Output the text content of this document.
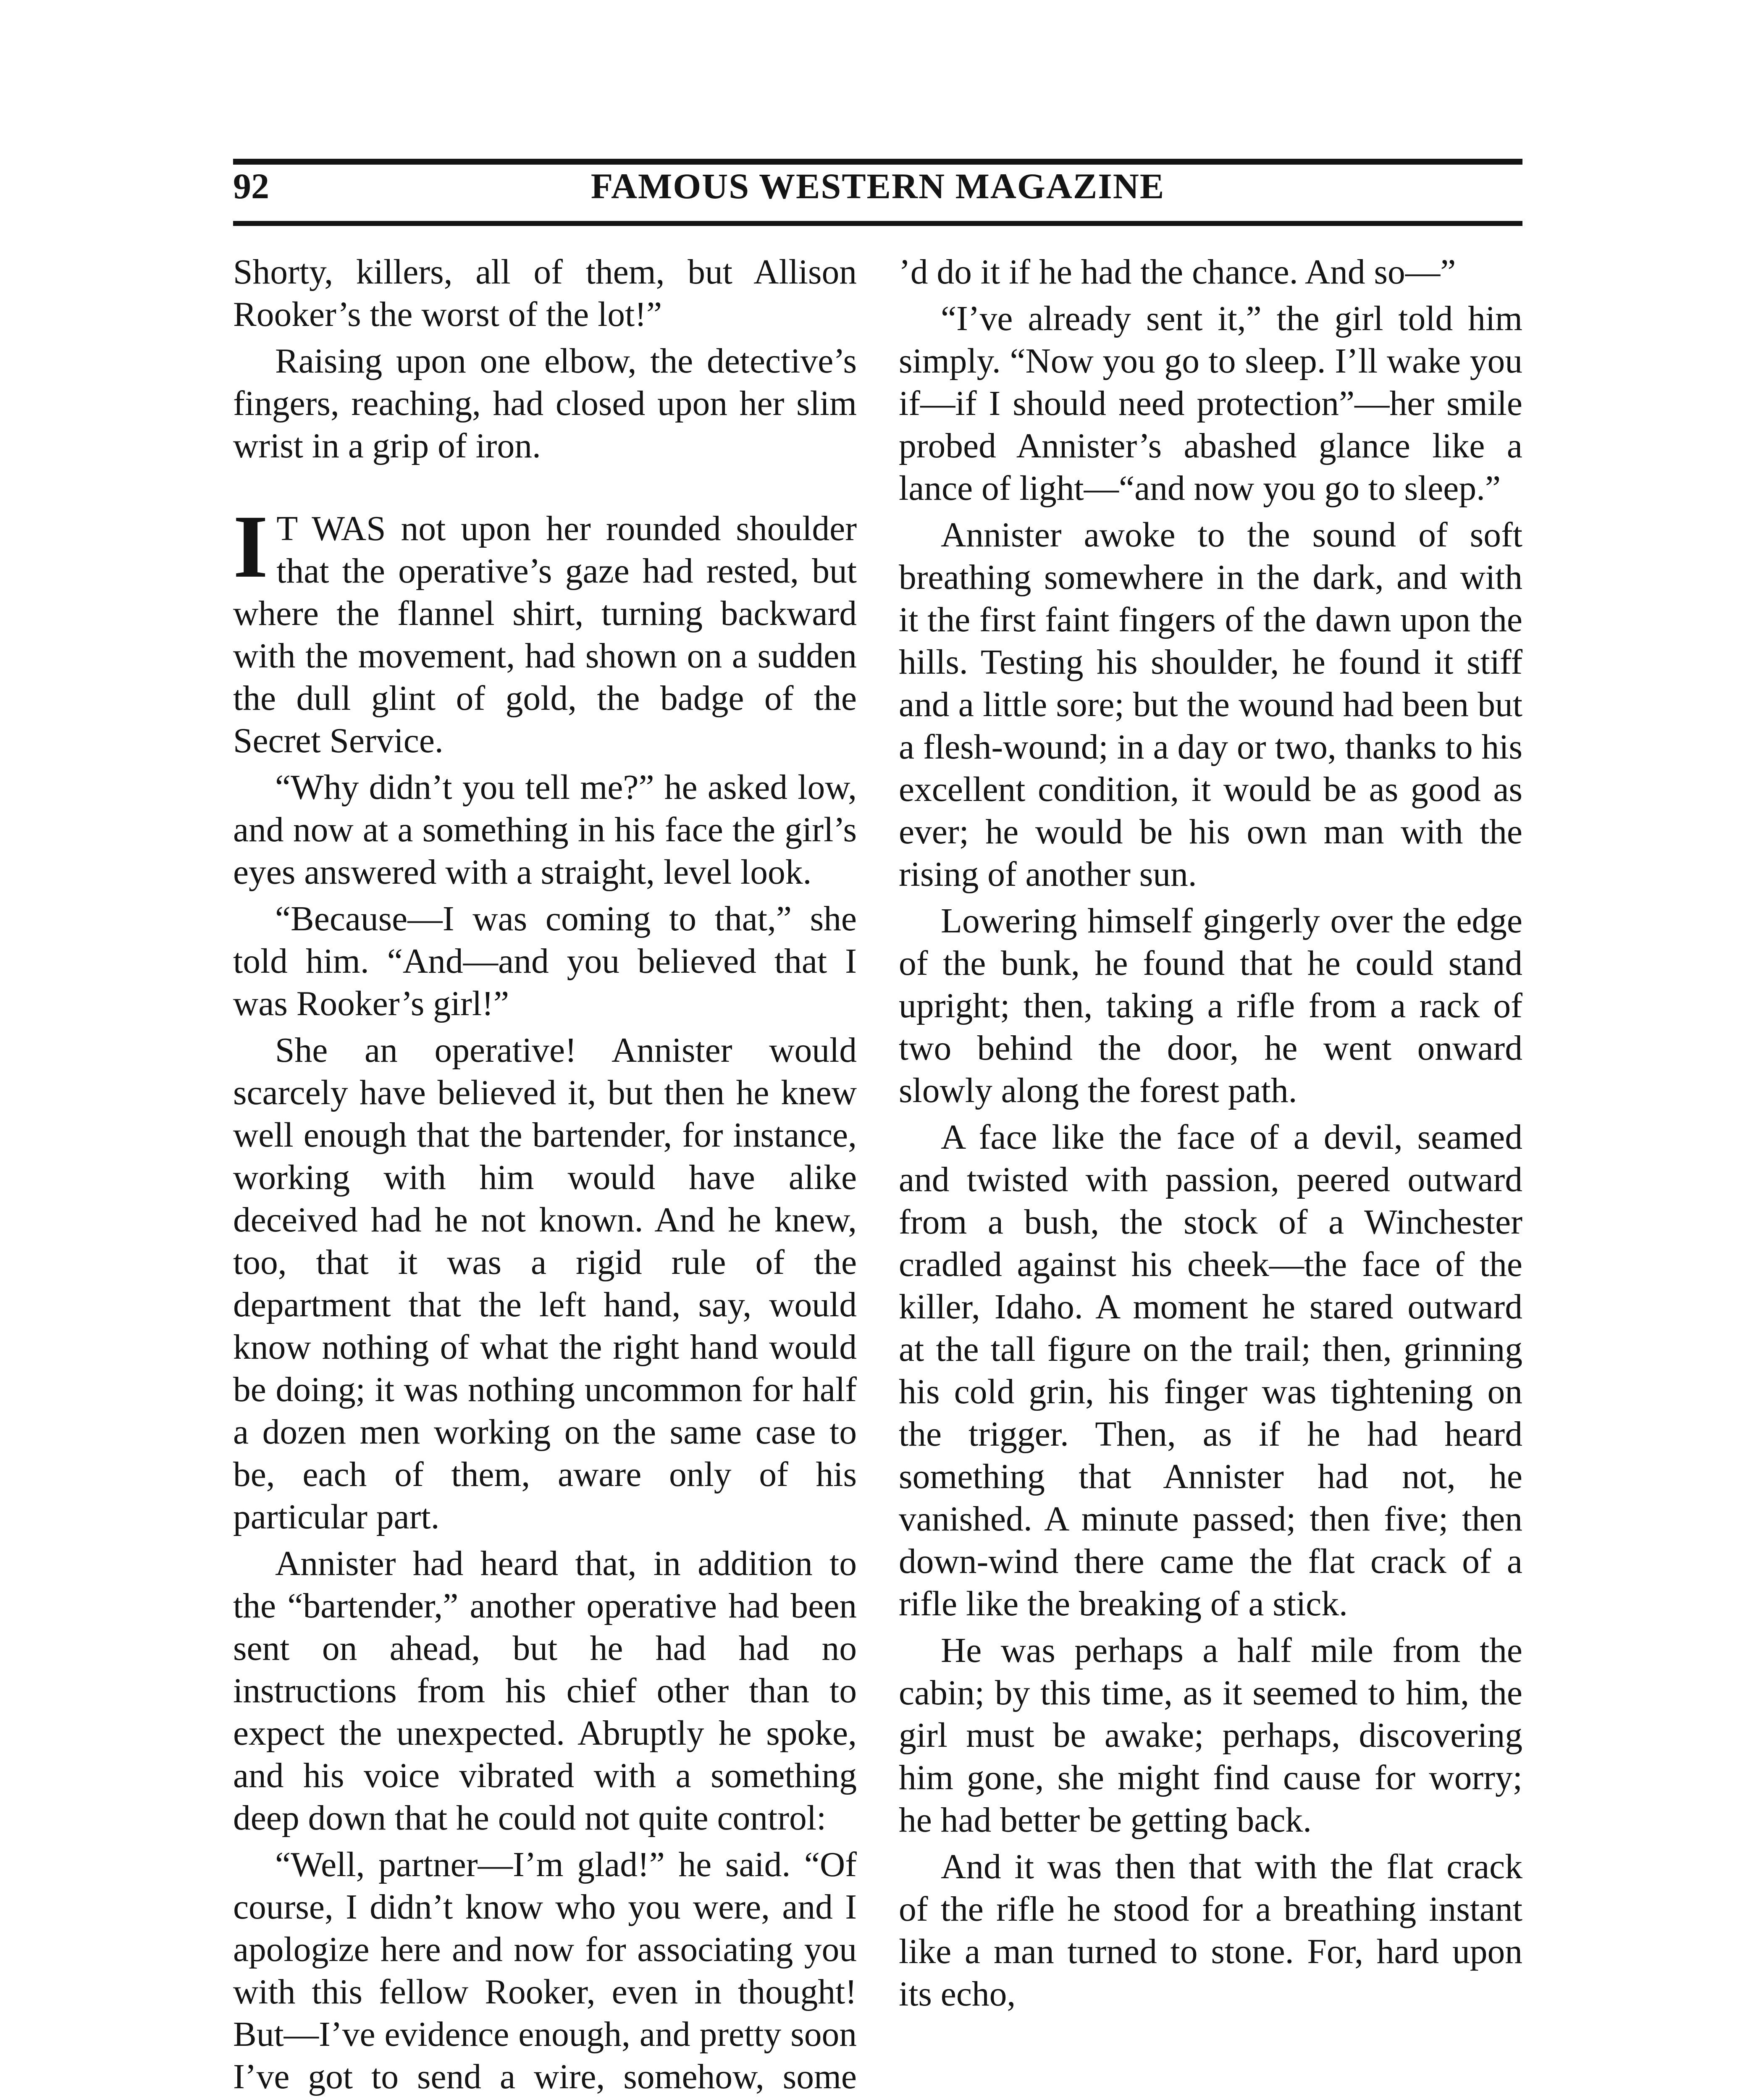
92	FAMOUS WESTERN MAGAZINE

Shorty, killers, all of them, but Allison Rooker’s the worst of the lot!”

Raising upon one elbow, the detective’s fingers, reaching, had closed upon her slim wrist in a grip of iron.

I T WAS not upon her rounded shoulder that the operative’s gaze had rested, but where the flannel shirt, turning backward with the movement, had shown on a sudden the dull glint of gold, the badge of the Secret Service.

“Why didn’t you tell me?” he asked low, and now at a something in his face the girl’s eyes answered with a straight, level look.

“Because—I was coming to that,” she told him. “And—and you believed that I was Rooker’s girl!”

She an operative! Annister would scarcely have believed it, but then he knew well enough that the bartender, for instance, working with him would have alike deceived had he not known. And he knew, too, that it was a rigid rule of the department that the left hand, say, would know nothing of what the right hand would be doing; it was nothing uncommon for half a dozen men working on the same case to be, each of them, aware only of his particular part.

Annister had heard that, in addition to the “bartender,” another operative had been sent on ahead, but he had had no instructions from his chief other than to expect the unexpected. Abruptly he spoke, and his voice vibrated with a something deep down that he could not quite control:

“Well, partner—I’m glad!” he said. “Of course, I didn’t know who you were, and I apologize here and now for associating you with this fellow Rooker, even in thought! But—I’ve evidence enough, and pretty soon I’ve got to send a wire, somehow, some

’d do it if he had the chance. And so—”

“I’ve already sent it,” the girl told him simply. “Now you go to sleep. I’ll wake you if—if I should need protection”—her smile probed Annister’s abashed glance like a lance of light—“and now you go to sleep.”

Annister awoke to the sound of soft breathing somewhere in the dark, and with it the first faint fingers of the dawn upon the hills. Testing his shoulder, he found it stiff and a little sore; but the wound had been but a flesh-wound; in a day or two, thanks to his excellent condition, it would be as good as ever; he would be his own man with the rising of another sun.

Lowering himself gingerly over the edge of the bunk, he found that he could stand upright; then, taking a rifle from a rack of two behind the door, he went onward slowly along the forest path.

A face like the face of a devil, seamed and twisted with passion, peered outward from a bush, the stock of a Winchester cradled against his cheek—the face of the killer, Idaho. A moment he stared outward at the tall figure on the trail; then, grinning his cold grin, his finger was tightening on the trigger. Then, as if he had heard something that Annister had not, he vanished. A minute passed; then five; then down-wind there came the flat crack of a rifle like the breaking of a stick.

He was perhaps a half mile from the cabin; by this time, as it seemed to him, the girl must be awake; perhaps, discovering him gone, she might find cause for worry; he had better be getting back.

And it was then that with the flat crack of the rifle he stood for a breathing instant like a man turned to stone. For, hard upon its echo,
